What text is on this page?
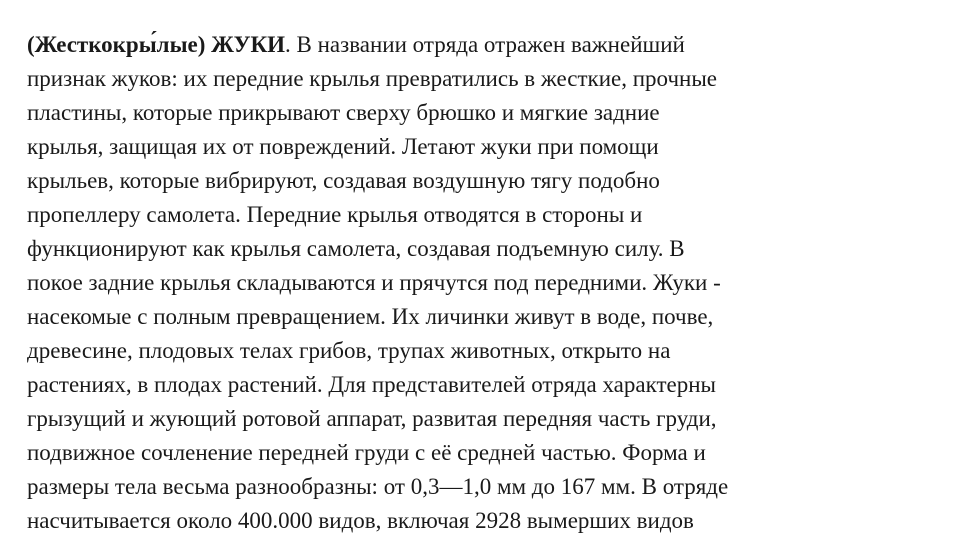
(Жесткокры́лые) ЖУКИ. В названии отряда отражен важнейший
признак жуков: их передние крылья превратились в жесткие, прочные
пластины, которые прикрывают сверху брюшко и мягкие задние
крылья, защищая их от повреждений. Летают жуки при помощи
крыльев, которые вибрируют, создавая воздушную тягу подобно
пропеллеру самолета. Передние крылья отводятся в стороны и
функционируют как крылья самолета, создавая подъемную силу. В
покое задние крылья складываются и прячутся под передними. Жуки -
насекомые с полным превращением. Их личинки живут в воде, почве,
древесине, плодовых телах грибов, трупах животных, открыто на
растениях, в плодах растений. Для представителей отряда характерны
грызущий и жующий ротовой аппарат, развитая передняя часть груди,
подвижное сочленение передней груди с её средней частью. Форма и
размеры тела весьма разнообразны: от 0,3—1,0 мм до 167 мм. В отряде
насчитывается около 400.000 видов, включая 2928 вымерших видов
